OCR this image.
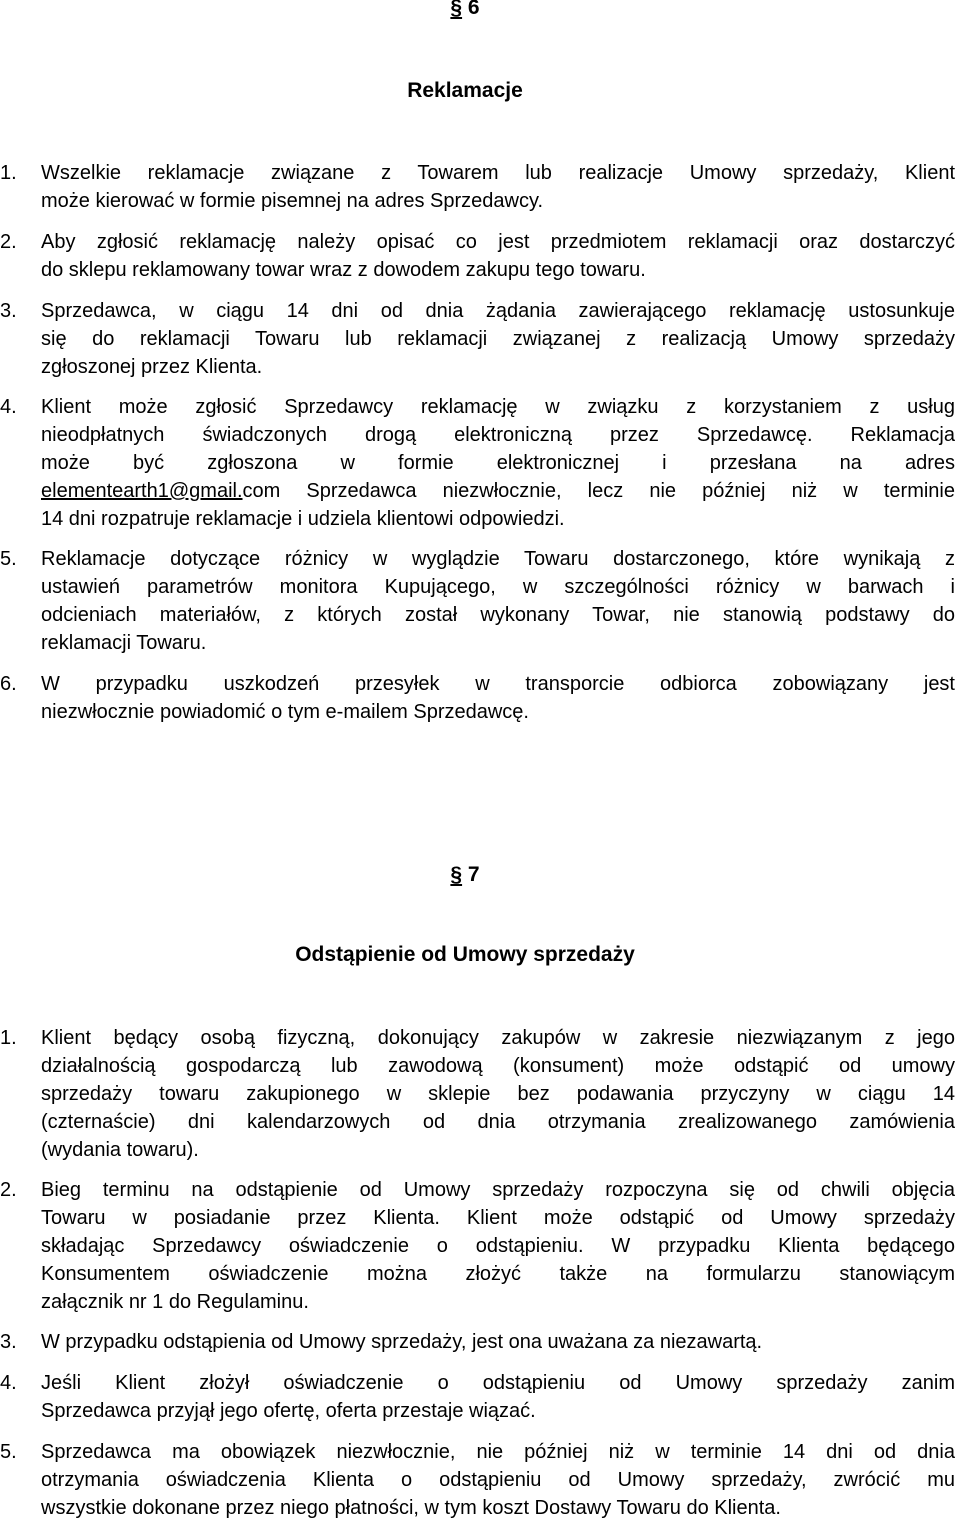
§ 6
Reklamacje
1.	Wszelkie reklamacje związane z Towarem lub realizacje Umowy sprzedaży, Klient
może kierować w formie pisemnej na adres Sprzedawcy.
2.	Aby zgłosić reklamację należy opisać co jest przedmiotem reklamacji oraz dostarczyć
do sklepu reklamowany towar wraz z dowodem zakupu tego towaru.
3.	Sprzedawca, w ciągu 14 dni od dnia żądania zawierającego reklamację ustosunkuje
się do reklamacji Towaru lub reklamacji związanej z realizacją Umowy sprzedaży
zgłoszonej przez Klienta.
4.	Klient może zgłosić Sprzedawcy reklamację w związku z korzystaniem z usług
nieodpłatnych świadczonych drogą elektroniczną przez Sprzedawcę. Reklamacja
może być zgłoszona w formie elektronicznej i przesłana na adres
elementearth1@gmail.com Sprzedawca niezwłocznie, lecz nie później niż w terminie
14 dni rozpatruje reklamacje i udziela klientowi odpowiedzi.
5.	Reklamacje dotyczące różnicy w wyglądzie Towaru dostarczonego, które wynikają z
ustawień parametrów monitora Kupującego, w szczególności różnicy w barwach i
odcieniach materiałów, z których został wykonany Towar, nie stanowią podstawy do
reklamacji Towaru.
6.	W przypadku uszkodzeń przesyłek w transporcie odbiorca zobowiązany jest
niezwłocznie powiadomić o tym e-mailem Sprzedawcę.
§ 7
Odstąpienie od Umowy sprzedaży
1.	Klient będący osobą fizyczną, dokonujący zakupów w zakresie niezwiązanym z jego
działalnością gospodarczą lub zawodową (konsument) może odstąpić od umowy
sprzedaży towaru zakupionego w sklepie bez podawania przyczyny w ciągu 14
(czternaście) dni kalendarzowych od dnia otrzymania zrealizowanego zamówienia
(wydania towaru).
2.	Bieg terminu na odstąpienie od Umowy sprzedaży rozpoczyna się od chwili objęcia
Towaru w posiadanie przez Klienta. Klient może odstąpić od Umowy sprzedaży
składając Sprzedawcy oświadczenie o odstąpieniu. W przypadku Klienta będącego
Konsumentem oświadczenie można złożyć także na formularzu stanowiącym
załącznik nr 1 do Regulaminu.
3.	W przypadku odstąpienia od Umowy sprzedaży, jest ona uważana za niezawartą.
4.	Jeśli Klient złożył oświadczenie o odstąpieniu od Umowy sprzedaży zanim
Sprzedawca przyjął jego ofertę, oferta przestaje wiązać.
5.	Sprzedawca ma obowiązek niezwłocznie, nie później niż w terminie 14 dni od dnia
otrzymania oświadczenia Klienta o odstąpieniu od Umowy sprzedaży, zwrócić mu
wszystkie dokonane przez niego płatności, w tym koszt Dostawy Towaru do Klienta.
